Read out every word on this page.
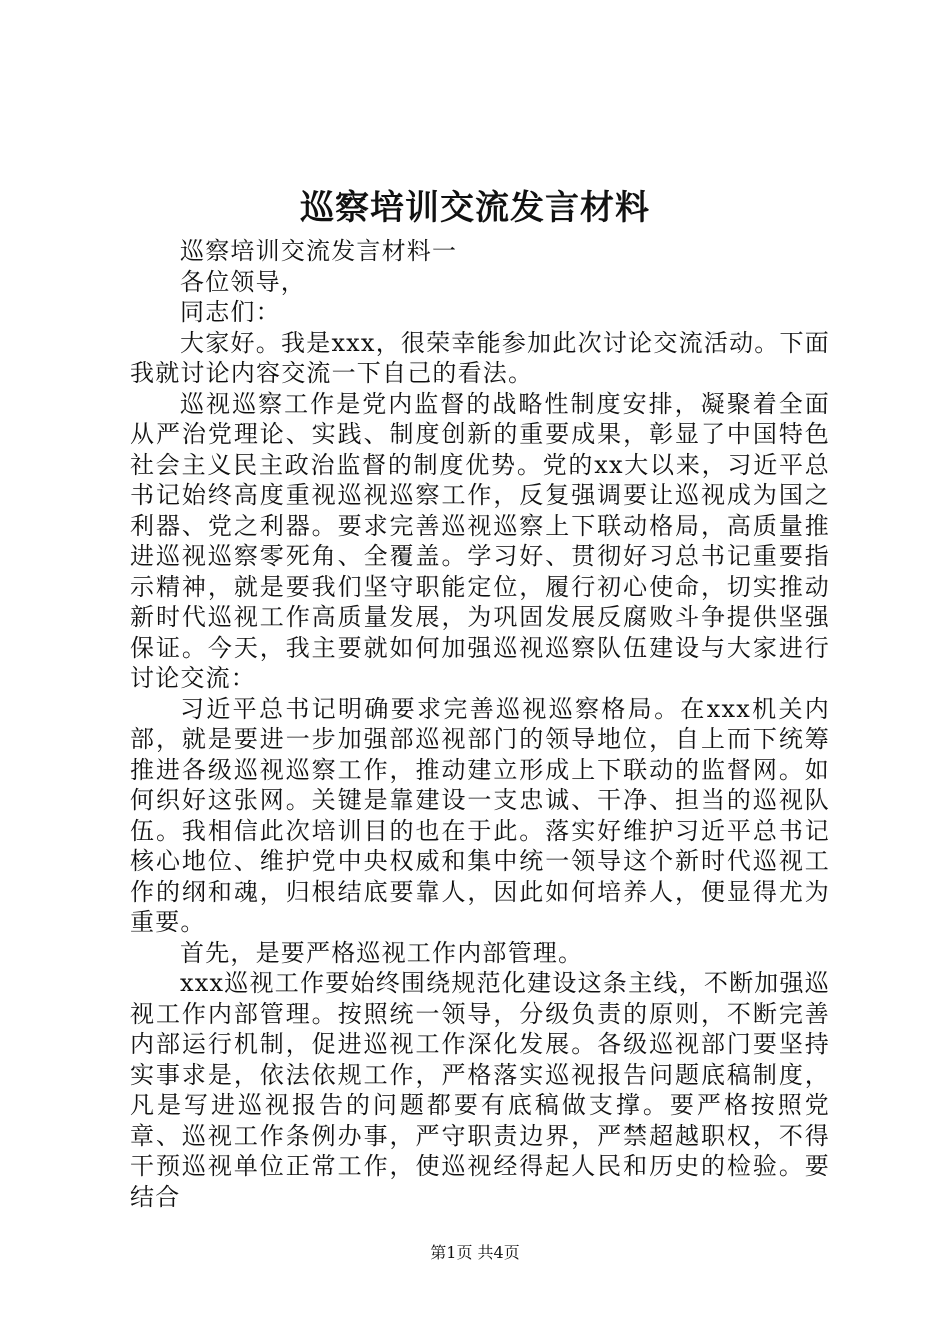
巡察培训交流发言材料

巡察培训交流发言材料一

各位领导，

同志们：

大家好。我是xxx，很荣幸能参加此次讨论交流活动。下面我就讨论内容交流一下自己的看法。

巡视巡察工作是党内监督的战略性制度安排，凝聚着全面从严治党理论、实践、制度创新的重要成果，彰显了中国特色社会主义民主政治监督的制度优势。党的xx大以来，习近平总书记始终高度重视巡视巡察工作，反复强调要让巡视成为国之利器、党之利器。要求完善巡视巡察上下联动格局，高质量推进巡视巡察零死角、全覆盖。学习好、贯彻好习总书记重要指示精神，就是要我们坚守职能定位，履行初心使命，切实推动新时代巡视工作高质量发展，为巩固发展反腐败斗争提供坚强保证。今天，我主要就如何加强巡视巡察队伍建设与大家进行讨论交流：

习近平总书记明确要求完善巡视巡察格局。在xxx机关内部，就是要进一步加强部巡视部门的领导地位，自上而下统筹推进各级巡视巡察工作，推动建立形成上下联动的监督网。如何织好这张网。关键是靠建设一支忠诚、干净、担当的巡视队伍。我相信此次培训目的也在于此。落实好维护习近平总书记核心地位、维护党中央权威和集中统一领导这个新时代巡视工作的纲和魂，归根结底要靠人，因此如何培养人，便显得尤为重要。

首先，是要严格巡视工作内部管理。

xxx巡视工作要始终围绕规范化建设这条主线，不断加强巡视工作内部管理。按照统一领导，分级负责的原则，不断完善内部运行机制，促进巡视工作深化发展。各级巡视部门要坚持实事求是，依法依规工作，严格落实巡视报告问题底稿制度，凡是写进巡视报告的问题都要有底稿做支撑。要严格按照党章、巡视工作条例办事，严守职责边界，严禁超越职权，不得干预巡视单位正常工作，使巡视经得起人民和历史的检验。要结合

第1页 共4页
